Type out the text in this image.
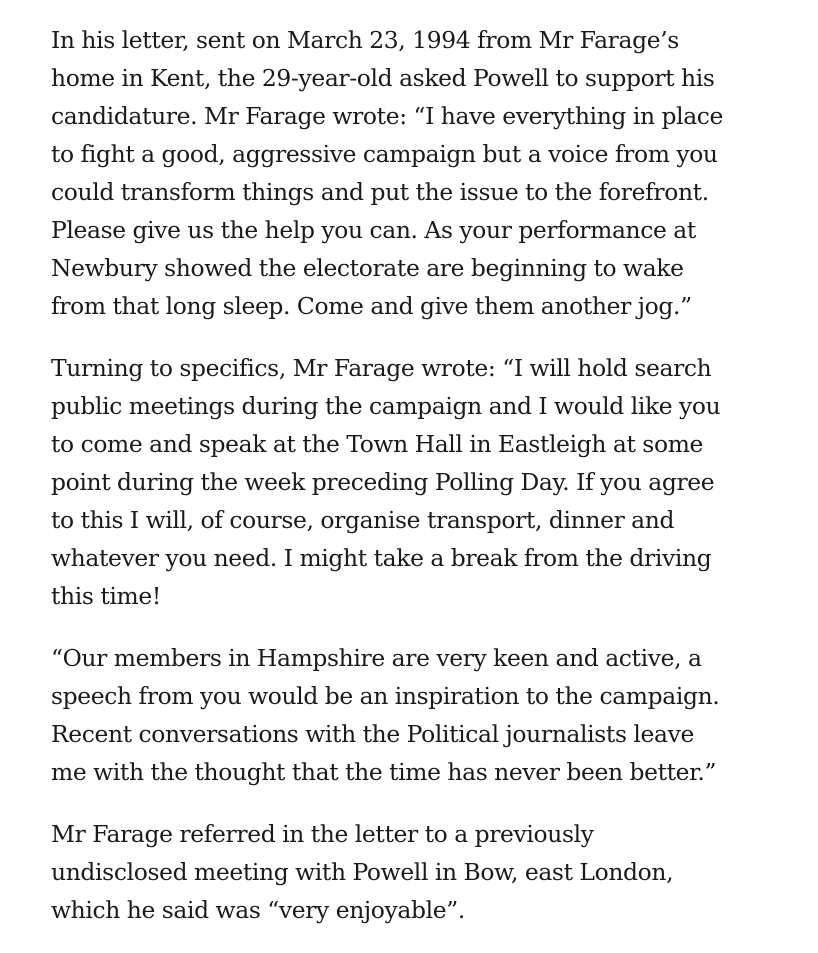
In his letter, sent on March 23, 1994 from Mr Farage’s
home in Kent, the 29-year-old asked Powell to support his
candidature. Mr Farage wrote: “I have everything in place
to fight a good, aggressive campaign but a voice from you
could transform things and put the issue to the forefront.
Please give us the help you can. As your performance at
Newbury showed the electorate are beginning to wake
from that long sleep. Come and give them another jog.”

Turning to specifics, Mr Farage wrote: “I will hold search
public meetings during the campaign and I would like you
to come and speak at the Town Hall in Eastleigh at some
point during the week preceding Polling Day. If you agree
to this I will, of course, organise transport, dinner and
whatever you need. I might take a break from the driving
this time!

“Our members in Hampshire are very keen and active, a
speech from you would be an inspiration to the campaign.
Recent conversations with the Political journalists leave
me with the thought that the time has never been better.”

Mr Farage referred in the letter to a previously
undisclosed meeting with Powell in Bow, east London,
which he said was “very enjoyable”.
